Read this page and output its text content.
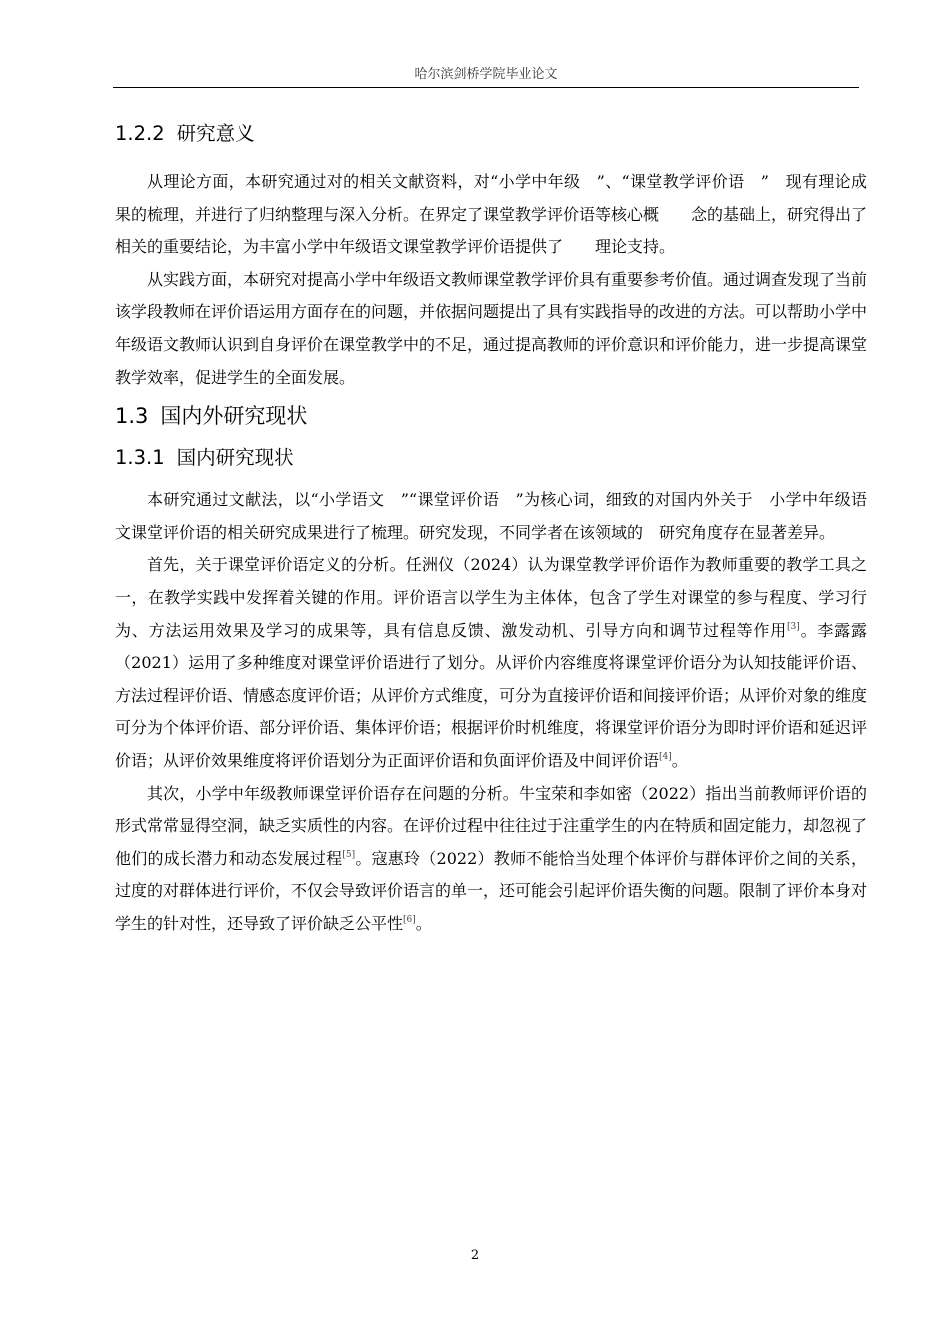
哈尔滨剑桥学院毕业论文
1.2.2 研究意义

从理论方面，本研究通过对的相关文献资料，对“小学中年级　”、“课堂教学评价语　”　现有理论成果的梳理，并进行了归纳整理与深入分析。在界定了课堂教学评价语等核心概　　念的基础上，研究得出了相关的重要结论，为丰富小学中年级语文课堂教学评价语提供了　　理论支持。

从实践方面，本研究对提高小学中年级语文教师课堂教学评价具有重要参考价值。通过调查发现了当前该学段教师在评价语运用方面存在的问题，并依据问题提出了具有实践指导的改进的方法。可以帮助小学中年级语文教师认识到自身评价在课堂教学中的不足，通过提高教师的评价意识和评价能力，进一步提高课堂教学效率，促进学生的全面发展。

1.3 国内外研究现状
1.3.1 国内研究现状

本研究通过文献法，以“小学语文　”“课堂评价语　”为核心词，细致的对国内外关于　小学中年级语文课堂评价语的相关研究成果进行了梳理。研究发现，不同学者在该领域的　研究角度存在显著差异。

首先，关于课堂评价语定义的分析。任洲仪（2024）认为课堂教学评价语作为教师重要的教学工具之一，在教学实践中发挥着关键的作用。评价语言以学生为主体体，包含了学生对课堂的参与程度、学习行为、方法运用效果及学习的成果等，具有信息反馈、激发动机、引导方向和调节过程等作用[3]。李露露（2021）运用了多种维度对课堂评价语进行了划分。从评价内容维度将课堂评价语分为认知技能评价语、方法过程评价语、情感态度评价语；从评价方式维度，可分为直接评价语和间接评价语；从评价对象的维度可分为个体评价语、部分评价语、集体评价语；根据评价时机维度，将课堂评价语分为即时评价语和延迟评价语；从评价效果维度将评价语划分为正面评价语和负面评价语及中间评价语[4]。

其次，小学中年级教师课堂评价语存在问题的分析。牛宝荣和李如密（2022）指出当前教师评价语的形式常常显得空洞，缺乏实质性的内容。在评价过程中往往过于注重学生的内在特质和固定能力，却忽视了他们的成长潜力和动态发展过程[5]。寇惠玲（2022）教师不能恰当处理个体评价与群体评价之间的关系，过度的对群体进行评价，不仅会导致评价语言的单一，还可能会引起评价语失衡的问题。限制了评价本身对学生的针对性，还导致了评价缺乏公平性[6]。

2
